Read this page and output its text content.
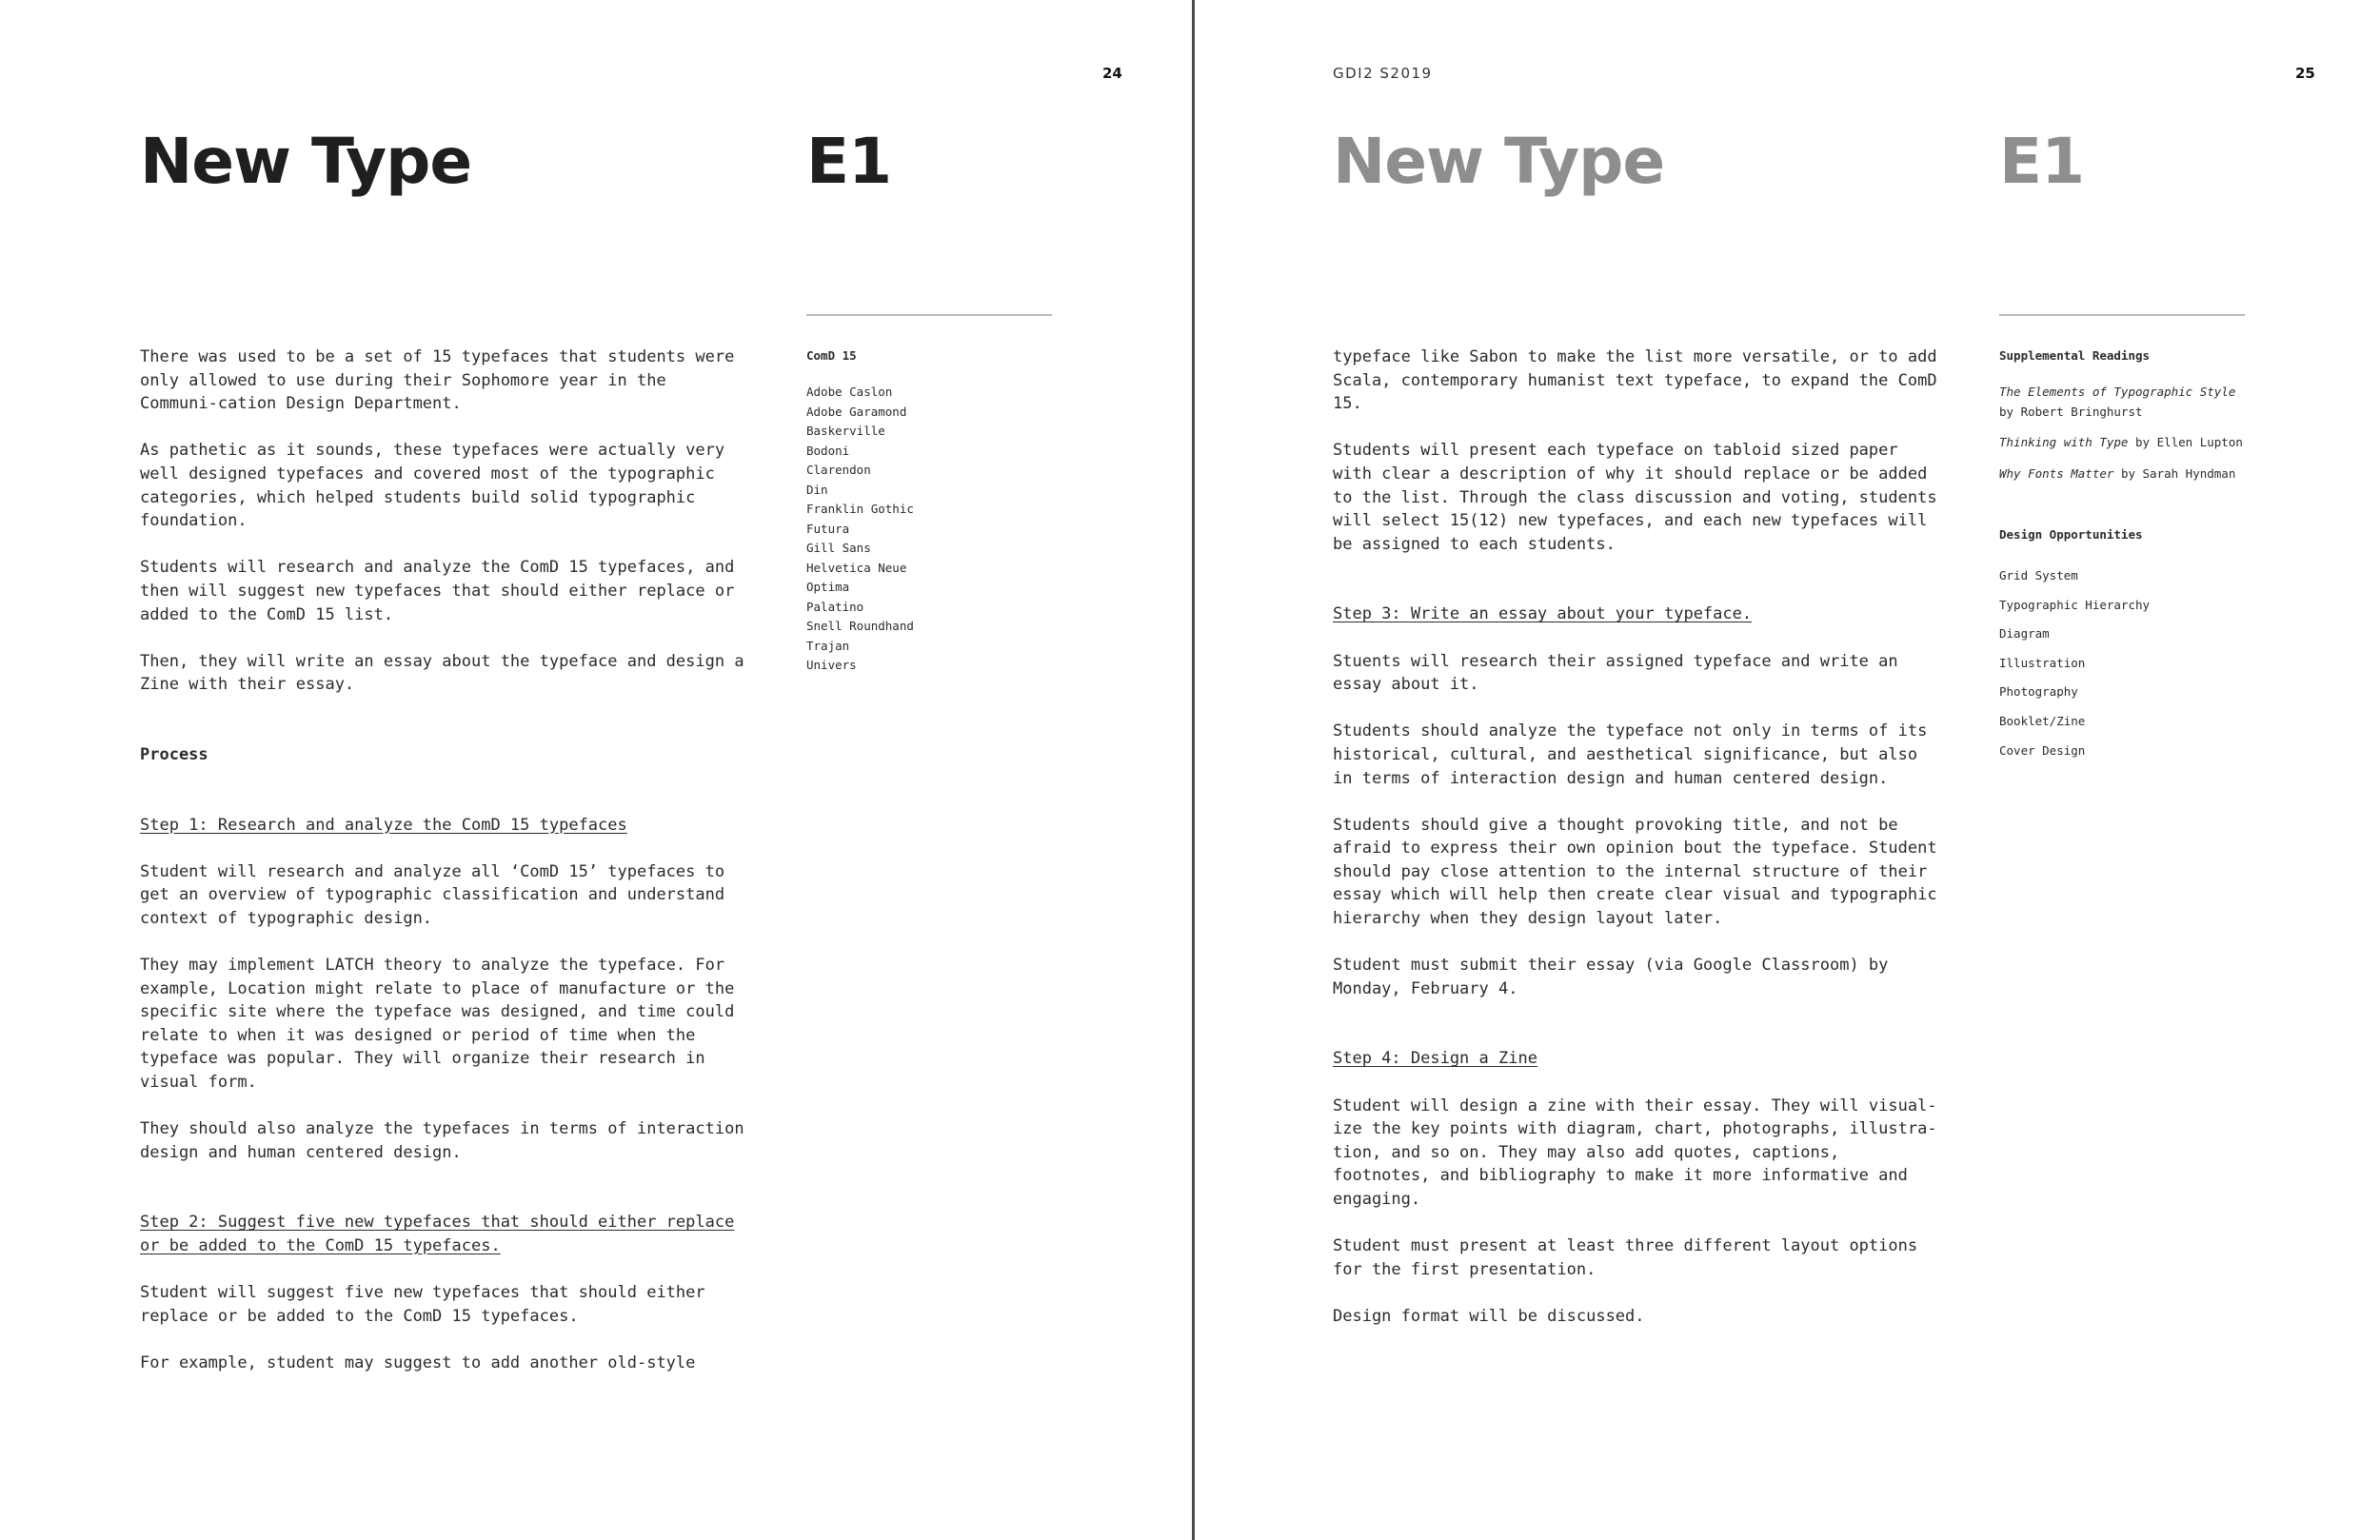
24
New Type	E1

There was used to be a set of 15 typefaces that students were only allowed to use during their Sophomore year in the Communi-cation Design Department.

As pathetic as it sounds, these typefaces were actually very well designed typefaces and covered most of the typographic categories, which helped students build solid typographic foundation.

Students will research and analyze the ComD 15 typefaces, and then will suggest new typefaces that should either replace or added to the ComD 15 list.

Then, they will write an essay about the typeface and design a Zine with their essay.

Process

Step 1: Research and analyze the ComD 15 typefaces

Student will research and analyze all ‘ComD 15’ typefaces to get an overview of typographic classification and understand context of typographic design.

They may implement LATCH theory to analyze the typeface. For example, Location might relate to place of manufacture or the specific site where the typeface was designed, and time could relate to when it was designed or period of time when the typeface was popular. They will organize their research in visual form.

They should also analyze the typefaces in terms of interaction design and human centered design.

Step 2: Suggest five new typefaces that should either replace or be added to the ComD 15 typefaces.

Student will suggest five new typefaces that should either replace or be added to the ComD 15 typefaces.

For example, student may suggest to add another old-style

ComD 15

Adobe Caslon
Adobe Garamond
Baskerville
Bodoni
Clarendon
Din
Franklin Gothic
Futura
Gill Sans
Helvetica Neue
Optima
Palatino
Snell Roundhand
Trajan
Univers
GDI2 S2019	25
New Type	E1

typeface like Sabon to make the list more versatile, or to add Scala, contemporary humanist text typeface, to expand the ComD 15.

Students will present each typeface on tabloid sized paper with clear a description of why it should replace or be added to the list. Through the class discussion and voting, students will select 15(12) new typefaces, and each new typefaces will be assigned to each students.

Step 3: Write an essay about your typeface.

Stuents will research their assigned typeface and write an essay about it.

Students should analyze the typeface not only in terms of its historical, cultural, and aesthetical significance, but also in terms of interaction design and human centered design.

Students should give a thought provoking title, and not be afraid to express their own opinion bout the typeface. Student should pay close attention to the internal structure of their essay which will help then create clear visual and typographic hierarchy when they design layout later.

Student must submit their essay (via Google Classroom) by Monday, February 4.

Step 4: Design a Zine

Student will design a zine with their essay. They will visual-ize the key points with diagram, chart, photographs, illustra-tion, and so on. They may also add quotes, captions, footnotes, and bibliography to make it more informative and engaging.

Student must present at least three different layout options for the first presentation.

Design format will be discussed.

Supplemental Readings

The Elements of Typographic Style
by Robert Bringhurst
Thinking with Type by Ellen Lupton
Why Fonts Matter by Sarah Hyndman

Design Opportunities

Grid System
Typographic Hierarchy
Diagram
Illustration
Photography
Booklet/Zine
Cover Design
